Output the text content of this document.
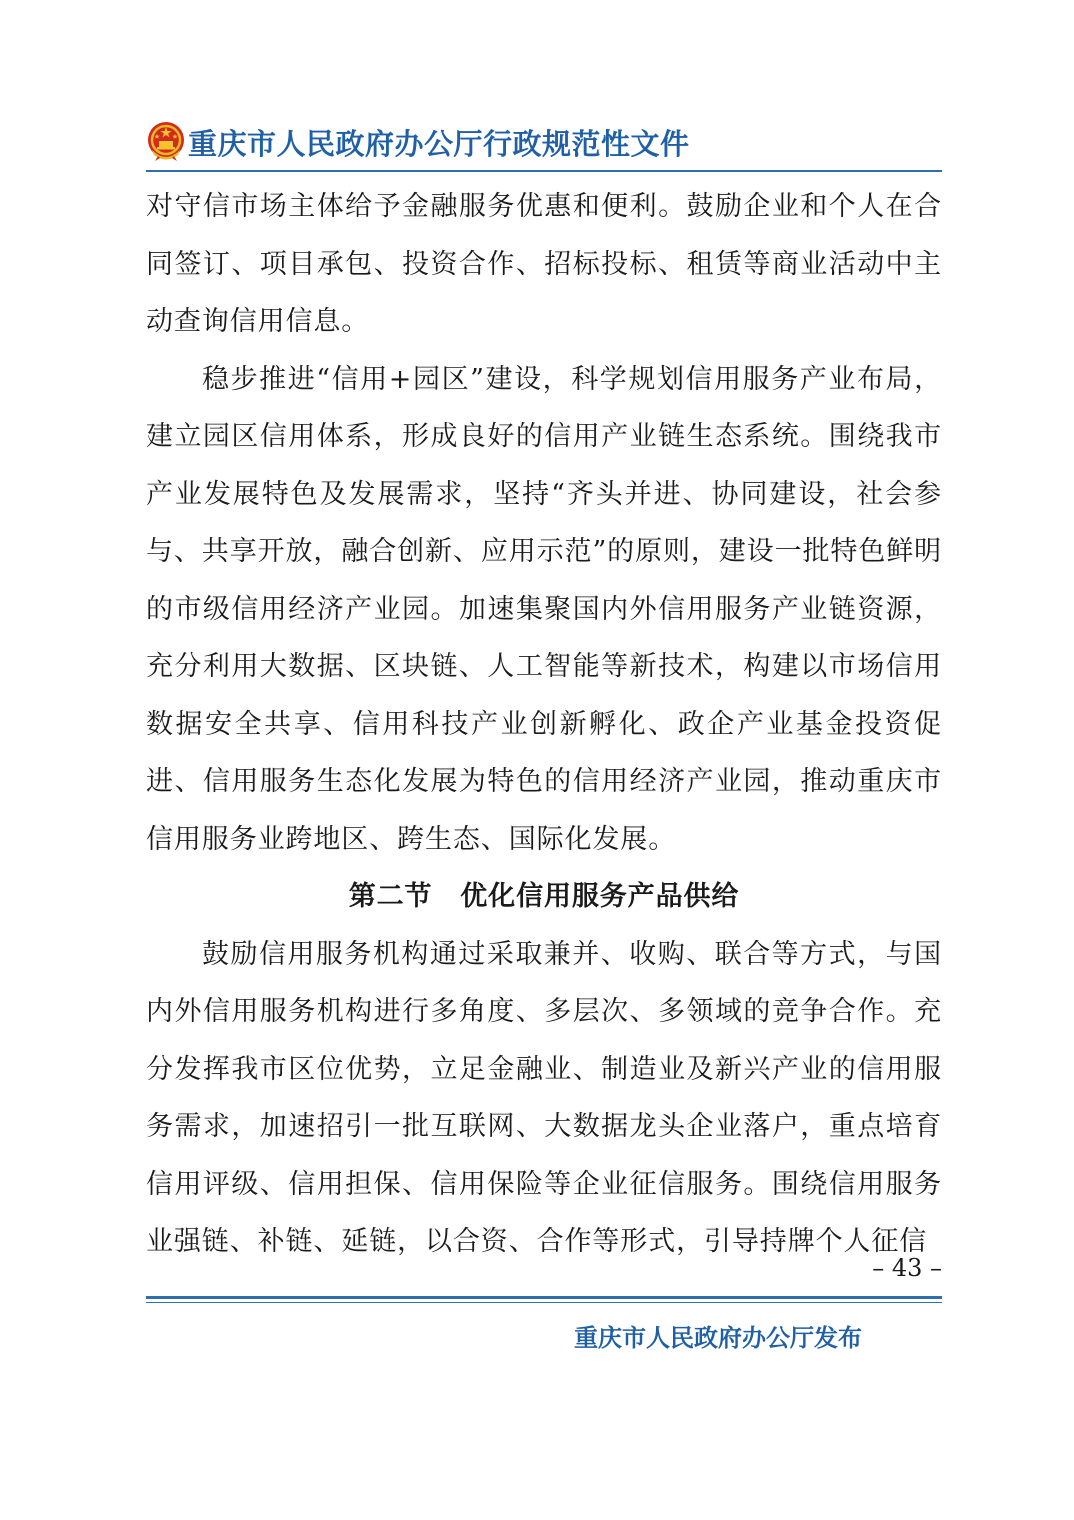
重庆市人民政府办公厅行政规范性文件

对守信市场主体给予金融服务优惠和便利。鼓励企业和个人在合同签订、项目承包、投资合作、招标投标、租赁等商业活动中主动查询信用信息。

稳步推进“信用+园区”建设，科学规划信用服务产业布局，建立园区信用体系，形成良好的信用产业链生态系统。围绕我市产业发展特色及发展需求，坚持“齐头并进、协同建设，社会参与、共享开放，融合创新、应用示范”的原则，建设一批特色鲜明的市级信用经济产业园。加速集聚国内外信用服务产业链资源，充分利用大数据、区块链、人工智能等新技术，构建以市场信用数据安全共享、信用科技产业创新孵化、政企产业基金投资促进、信用服务生态化发展为特色的信用经济产业园，推动重庆市信用服务业跨地区、跨生态、国际化发展。

第二节　优化信用服务产品供给

鼓励信用服务机构通过采取兼并、收购、联合等方式，与国内外信用服务机构进行多角度、多层次、多领域的竞争合作。充分发挥我市区位优势，立足金融业、制造业及新兴产业的信用服务需求，加速招引一批互联网、大数据龙头企业落户，重点培育信用评级、信用担保、信用保险等企业征信服务。围绕信用服务业强链、补链、延链，以合资、合作等形式，引导持牌个人征信

– 43 –
重庆市人民政府办公厅发布
